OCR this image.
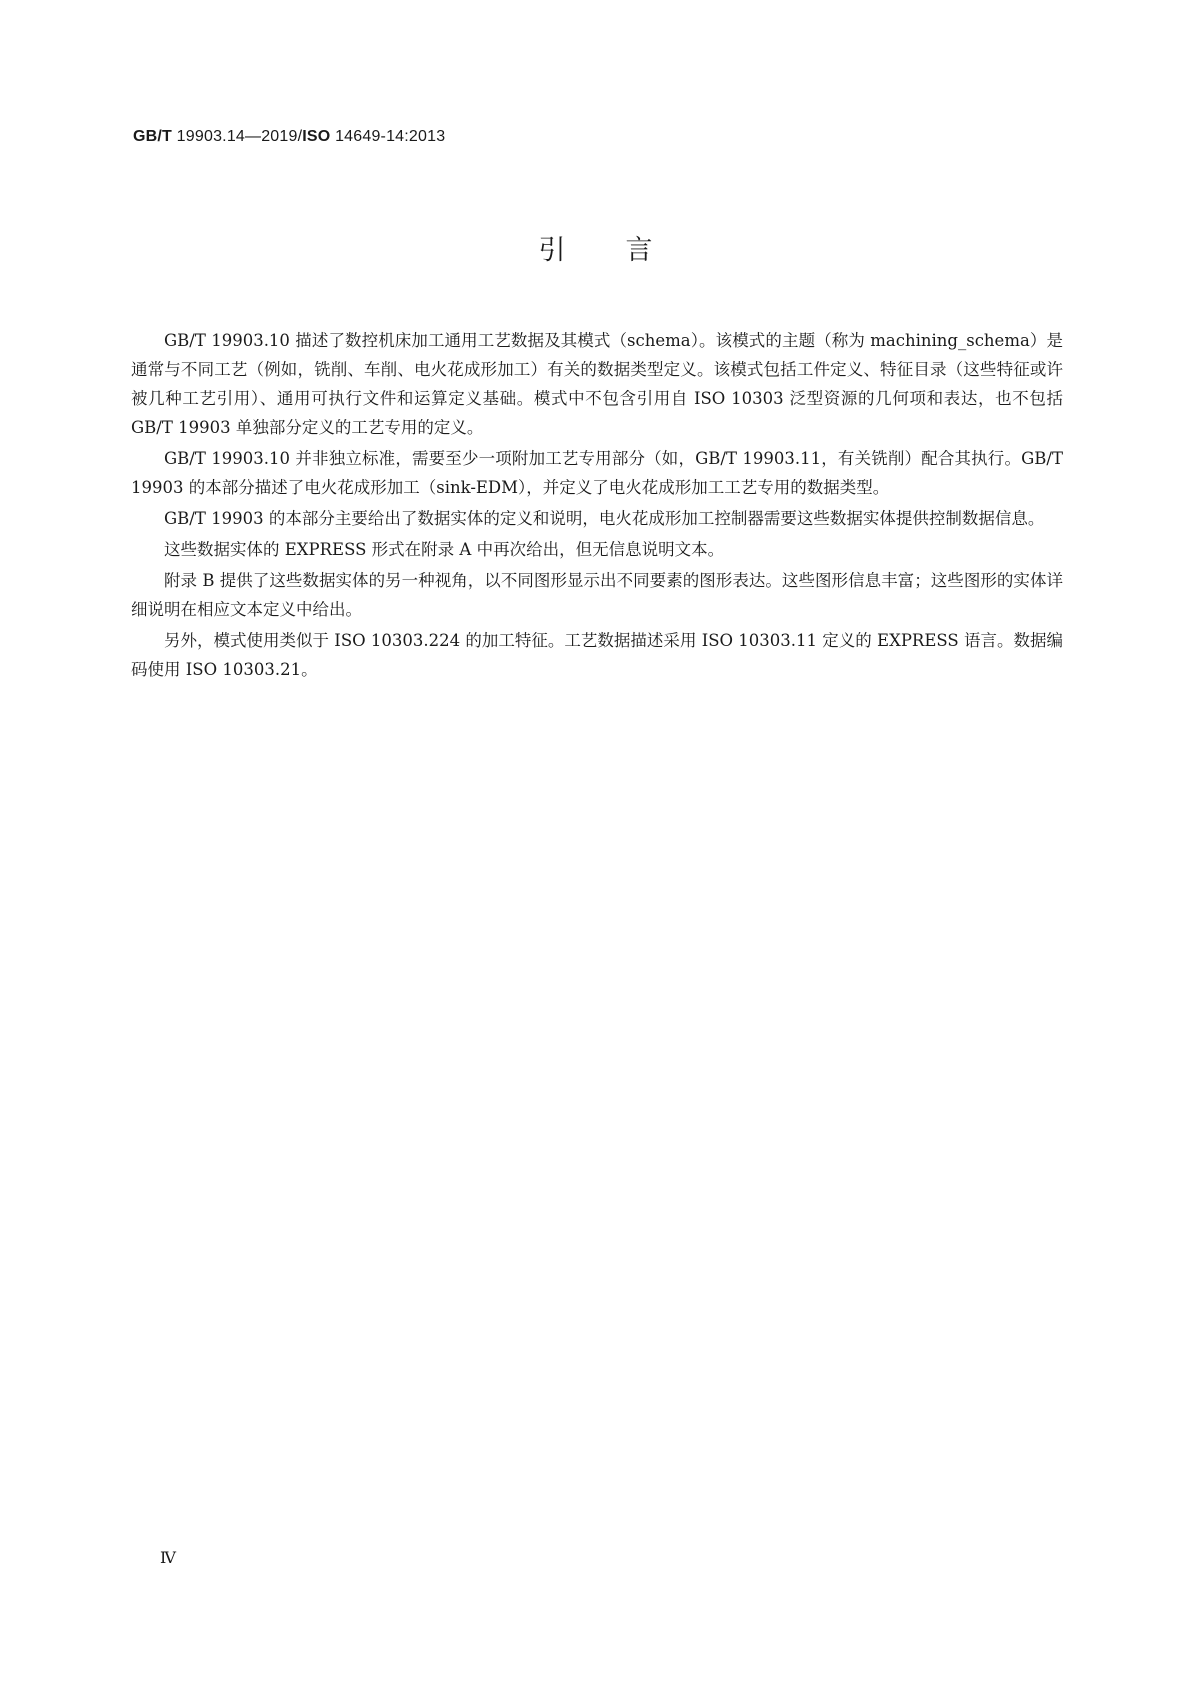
GB/T 19903.14—2019/ISO 14649-14:2013
引言

GB/T 19903.10 描述了数控机床加工通用工艺数据及其模式（schema）。该模式的主题（称为 machining_schema）是通常与不同工艺（例如，铣削、车削、电火花成形加工）有关的数据类型定义。该模式包括工件定义、特征目录（这些特征或许被几种工艺引用）、通用可执行文件和运算定义基础。模式中不包含引用自 ISO 10303 泛型资源的几何项和表达，也不包括 GB/T 19903 单独部分定义的工艺专用的定义。

GB/T 19903.10 并非独立标准，需要至少一项附加工艺专用部分（如，GB/T 19903.11，有关铣削）配合其执行。GB/T 19903 的本部分描述了电火花成形加工（sink-EDM），并定义了电火花成形加工工艺专用的数据类型。

GB/T 19903 的本部分主要给出了数据实体的定义和说明，电火花成形加工控制器需要这些数据实体提供控制数据信息。

这些数据实体的 EXPRESS 形式在附录 A 中再次给出，但无信息说明文本。

附录 B 提供了这些数据实体的另一种视角，以不同图形显示出不同要素的图形表达。这些图形信息丰富；这些图形的实体详细说明在相应文本定义中给出。

另外，模式使用类似于 ISO 10303.224 的加工特征。工艺数据描述采用 ISO 10303.11 定义的 EXPRESS 语言。数据编码使用 ISO 10303.21。

Ⅳ
